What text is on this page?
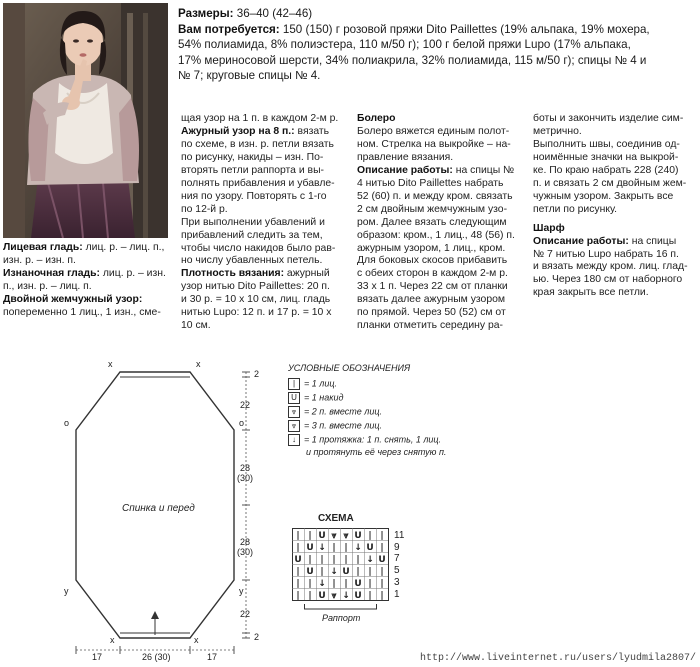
Размеры: 36–40 (42–46)
Вам потребуется: 150 (150) г розовой пряжи Dito Paillettes (19% альпака, 19% мохера,
54% полиамида, 8% полиэстера, 110 м/50 г); 100 г белой пряжи Lupo (17% альпака,
17% мериносовой шерсти, 34% полиакрила, 32% полиамида, 115 м/50 г); спицы № 4 и
№ 7; круговые спицы № 4.
Лицевая гладь: лиц. р. – лиц. п.,
изн. р. – изн. п.
Изнаночная гладь: лиц. р. – изн.
п., изн. р. – лиц. п.
Двойной жемчужный узор:
попеременно 1 лиц., 1 изн., сме-
щая узор на 1 п. в каждом 2-м р.
Ажурный узор на 8 п.: вязать
по схеме, в изн. р. петли вязать
по рисунку, накиды – изн. По-
вторять петли раппорта и вы-
полнять прибавления и убавле-
ния по узору. Повторять с 1-го
по 12-й р.
При выполнении убавлений и
прибавлений следить за тем,
чтобы число накидов было рав-
но числу убавленных петель.
Плотность вязания: ажурный
узор нитью Dito Paillettes: 20 п.
и 30 р. = 10 х 10 см, лиц. гладь
нитью Lupo: 12 п. и 17 р. = 10 х
10 см.
Болеро
Болеро вяжется единым полот-
ном. Стрелка на выкройке – на-
правление вязания.
Описание работы: на спицы №
4 нитью Dito Paillettes набрать
52 (60) п. и между кром. связать
2 см двойным жемчужным узо-
ром. Далее вязать следующим
образом: кром., 1 лиц., 48 (56) п.
ажурным узором, 1 лиц., кром.
Для боковых скосов прибавить
с обеих сторон в каждом 2-м р.
33 х 1 п. Через 22 см от планки
вязать далее ажурным узором
по прямой. Через 50 (52) см от
планки отметить середину ра-
боты и закончить изделие сим-
метрично.
Выполнить швы, соединив од-
ноимённые значки на выкрой-
ке. По краю набрать 228 (240)
п. и связать 2 см двойным жем-
чужным узором. Закрыть все
петли по рисунку.
Шарф
Описание работы: на спицы
№ 7 нитью Lupo набрать 16 п.
и вязать между кром. лиц. глад-
ью. Через 180 см от наборного
края закрыть все петли.
x	x
o	o
y	y
x	x
2
22
28
(30)
28
(30)
22
2
17	26 (30)	17
Спинка и перед
УСЛОВНЫЕ ОБОЗНАЧЕНИЯ
| = 1 лиц.
U = 1 накид
⩔ = 2 п. вместе лиц.
⩔ = 3 п. вместе лиц.
↓ = 1 протяжка: 1 п. снять, 1 лиц.
и протянуть её через снятую п.
СХЕМА
| | U ⩔ ⩔ U | |
| U ↓ | | ↓ U |
U | | | | | ↓ U
| U | ↓ U | | |
| | ↓ | | U | |
| | U ⩔ ↓ U | |
11
9
7
5
3
1
Раппорт
http://www.liveinternet.ru/users/lyudmila2807/
